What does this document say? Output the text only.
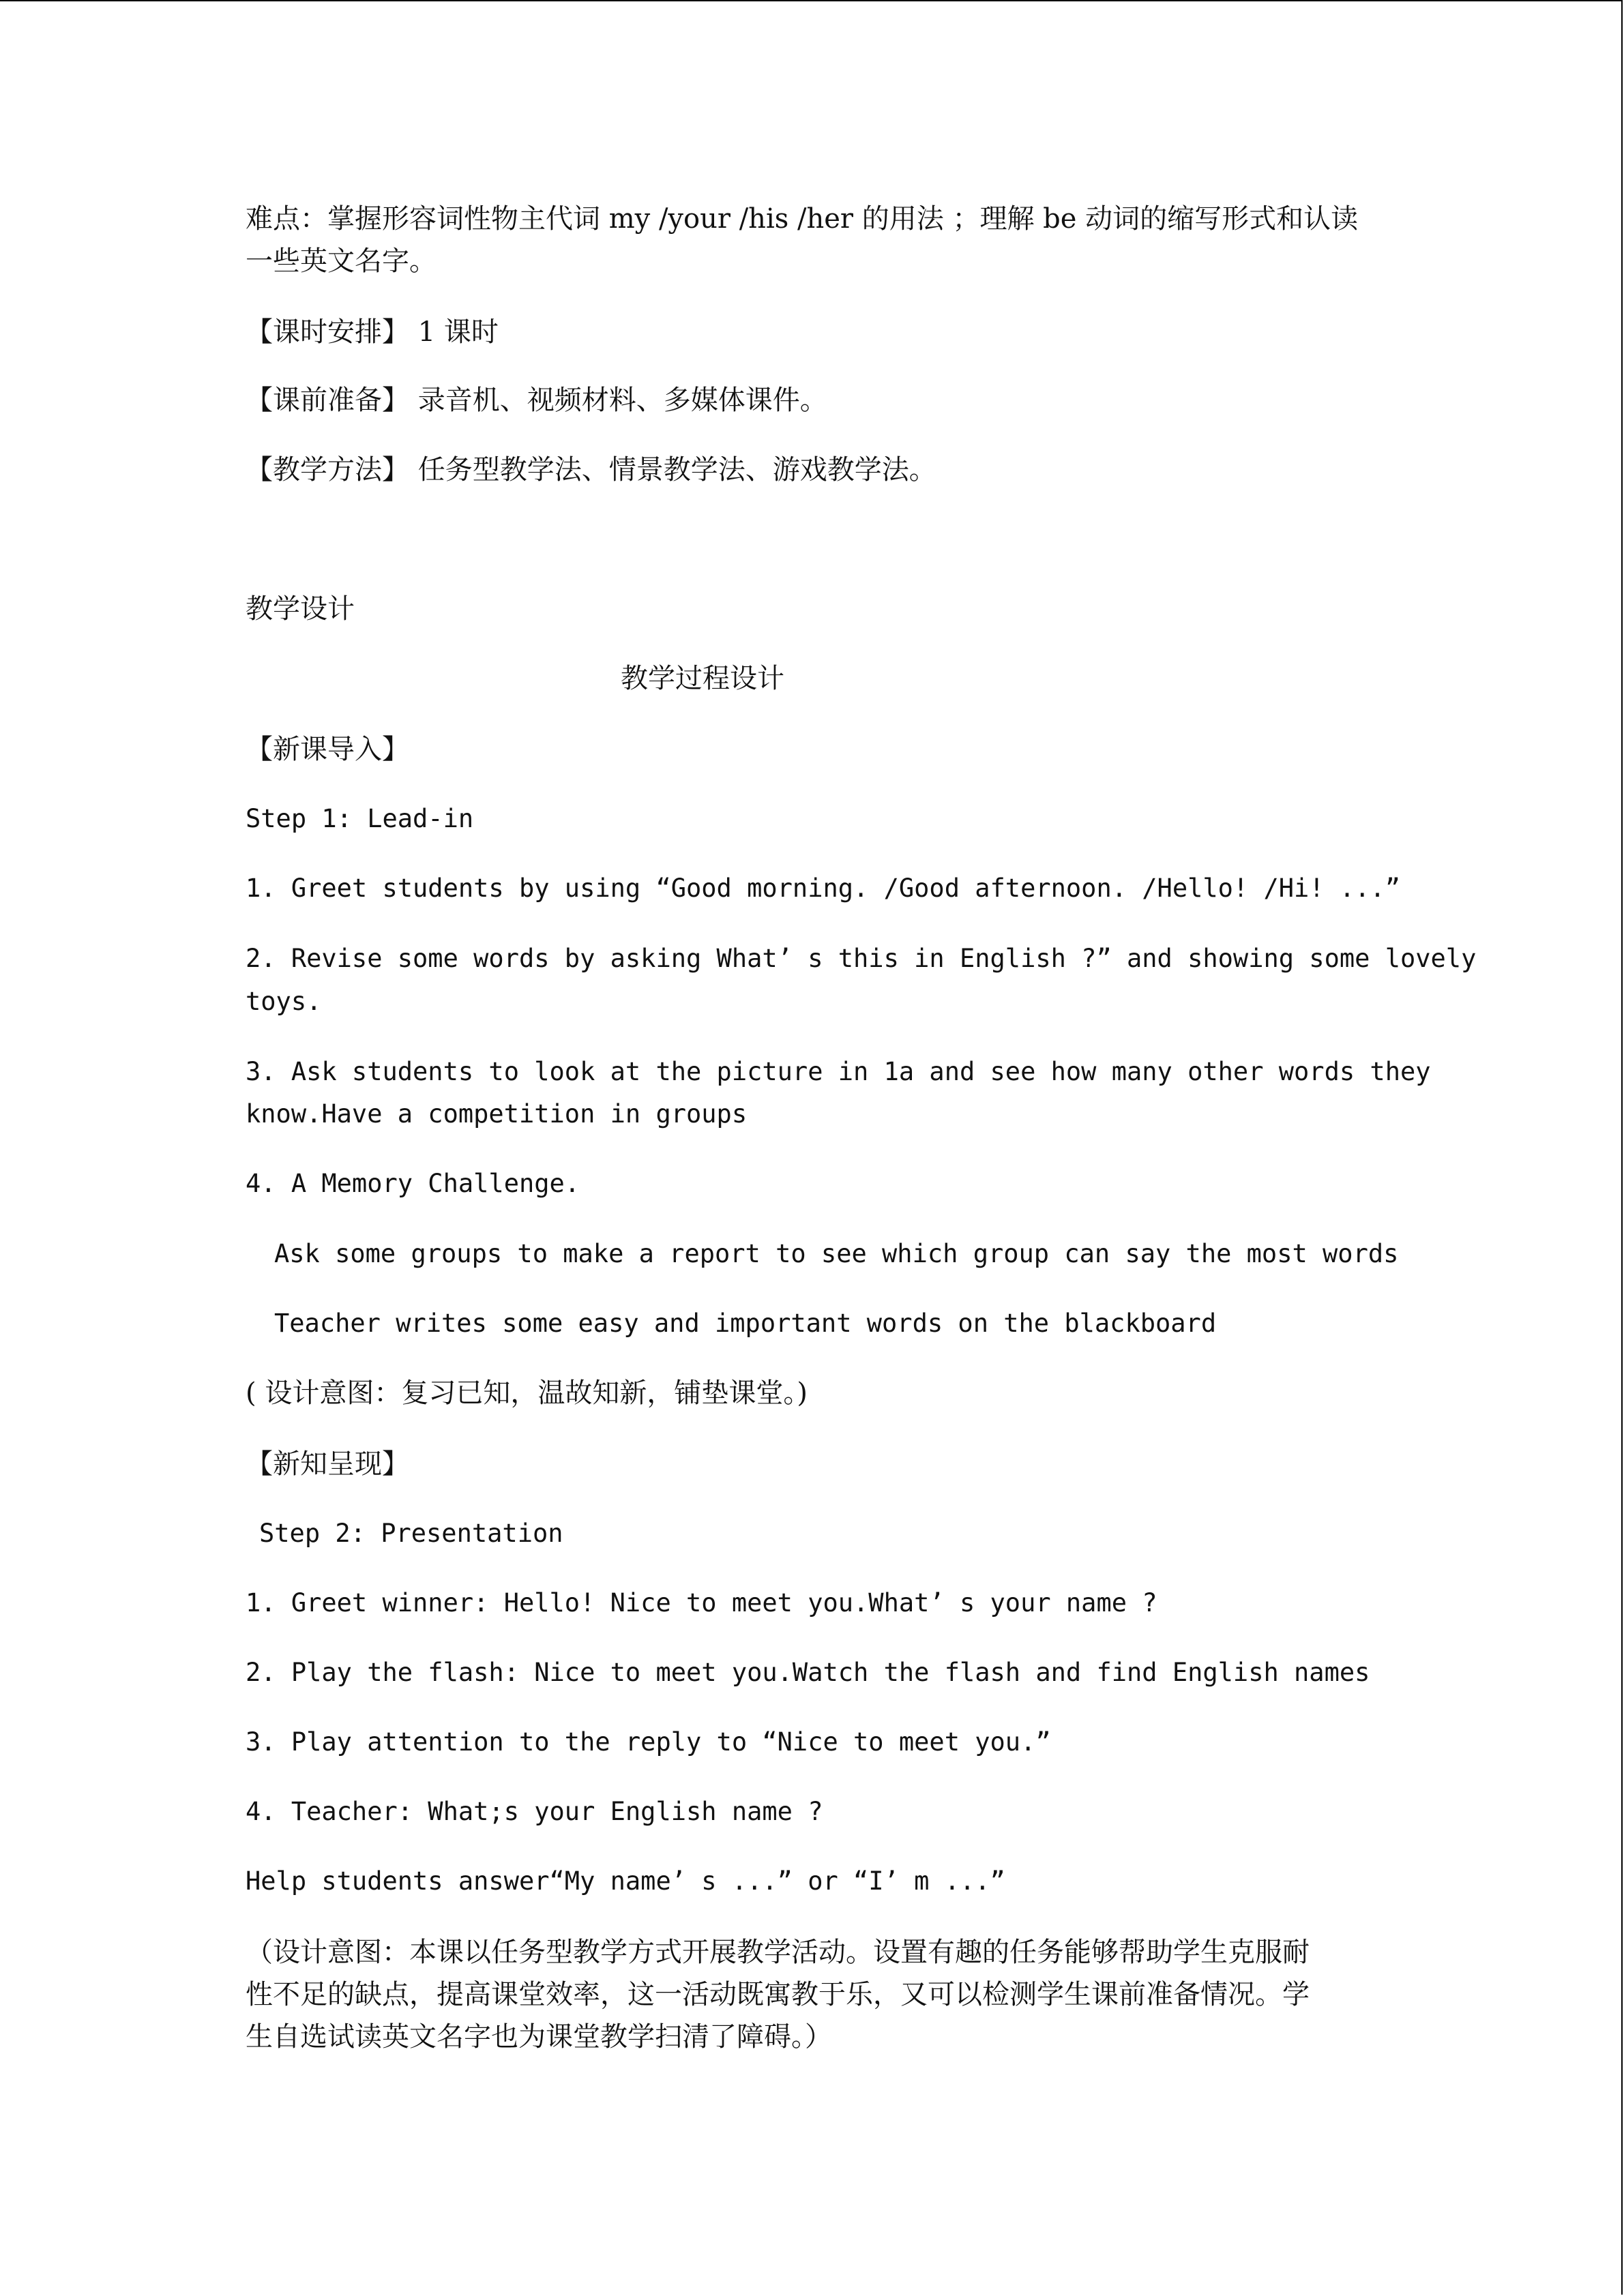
难点：掌握形容词性物主代词 my /your /his /her 的用法 ；理解 be 动词的缩写形式和认读
一些英文名字。
【课时安排】 1 课时
【课前准备】 录音机、视频材料、多媒体课件。
【教学方法】 任务型教学法、情景教学法、游戏教学法。
教学设计
教学过程设计
【新课导入】
Step 1: Lead-in
1. Greet students by using “Good morning. /Good afternoon. /Hello! /Hi! ...”
2. Revise some words by asking What’ s this in English ?” and showing some lovely
toys.
3. Ask students to look at the picture in 1a and see how many other words they
know.Have a competition in groups
4. A Memory Challenge.
Ask some groups to make a report to see which group can say the most words
Teacher writes some easy and important words on the blackboard
( 设计意图：复习已知，温故知新，铺垫课堂。)
【新知呈现】
Step 2: Presentation
1. Greet winner: Hello! Nice to meet you.What’ s your name ?
2. Play the flash: Nice to meet you.Watch the flash and find English names
3. Play attention to the reply to “Nice to meet you.”
4. Teacher: What;s your English name ?
Help students answer“My name’ s ...” or “I’ m ...”
（设计意图：本课以任务型教学方式开展教学活动。设置有趣的任务能够帮助学生克服耐
性不足的缺点，提高课堂效率，这一活动既寓教于乐，又可以检测学生课前准备情况。学
生自选试读英文名字也为课堂教学扫清了障碍。）
